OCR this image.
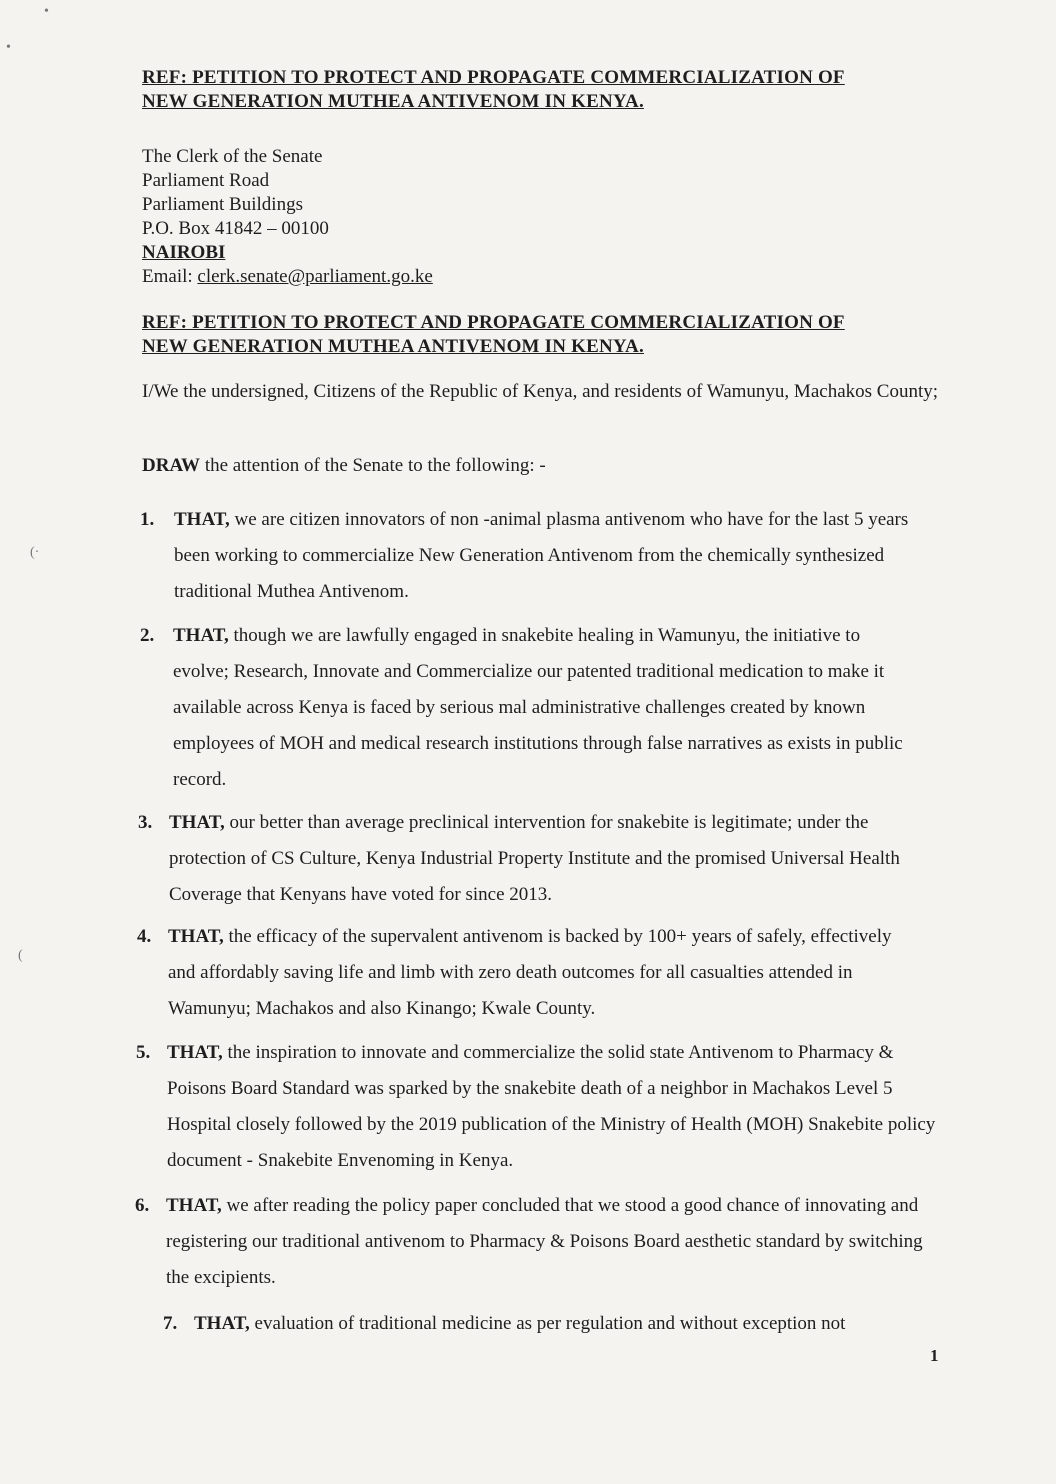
•
•
(·
(
REF: PETITION TO PROTECT AND PROPAGATE COMMERCIALIZATION OF
NEW GENERATION MUTHEA ANTIVENOM IN KENYA.
The Clerk of the Senate
Parliament Road
Parliament Buildings
P.O. Box 41842 – 00100
NAIROBI
Email: clerk.senate@parliament.go.ke
REF: PETITION TO PROTECT AND PROPAGATE COMMERCIALIZATION OF
NEW GENERATION MUTHEA ANTIVENOM IN KENYA.
I/We the undersigned, Citizens of the Republic of Kenya, and residents of Wamunyu, Machakos County;
DRAW the attention of the Senate to the following: -
1. THAT, we are citizen innovators of non -animal plasma antivenom who have for the last 5 years been working to commercialize New Generation Antivenom from the chemically synthesized traditional Muthea Antivenom.
2. THAT, though we are lawfully engaged in snakebite healing in Wamunyu, the initiative to evolve; Research, Innovate and Commercialize our patented traditional medication to make it available across Kenya is faced by serious mal administrative challenges created by known employees of MOH and medical research institutions through false narratives as exists in public record.
3. THAT, our better than average preclinical intervention for snakebite is legitimate; under the protection of CS Culture, Kenya Industrial Property Institute and the promised Universal Health Coverage that Kenyans have voted for since 2013.
4. THAT, the efficacy of the supervalent antivenom is backed by 100+ years of safely, effectively and affordably saving life and limb with zero death outcomes for all casualties attended in Wamunyu; Machakos and also Kinango; Kwale County.
5. THAT, the inspiration to innovate and commercialize the solid state Antivenom to Pharmacy & Poisons Board Standard was sparked by the snakebite death of a neighbor in Machakos Level 5 Hospital closely followed by the 2019 publication of the Ministry of Health (MOH) Snakebite policy document - Snakebite Envenoming in Kenya.
6. THAT, we after reading the policy paper concluded that we stood a good chance of innovating and registering our traditional antivenom to Pharmacy & Poisons Board aesthetic standard by switching the excipients.
7. THAT, evaluation of traditional medicine as per regulation and without exception not
1
